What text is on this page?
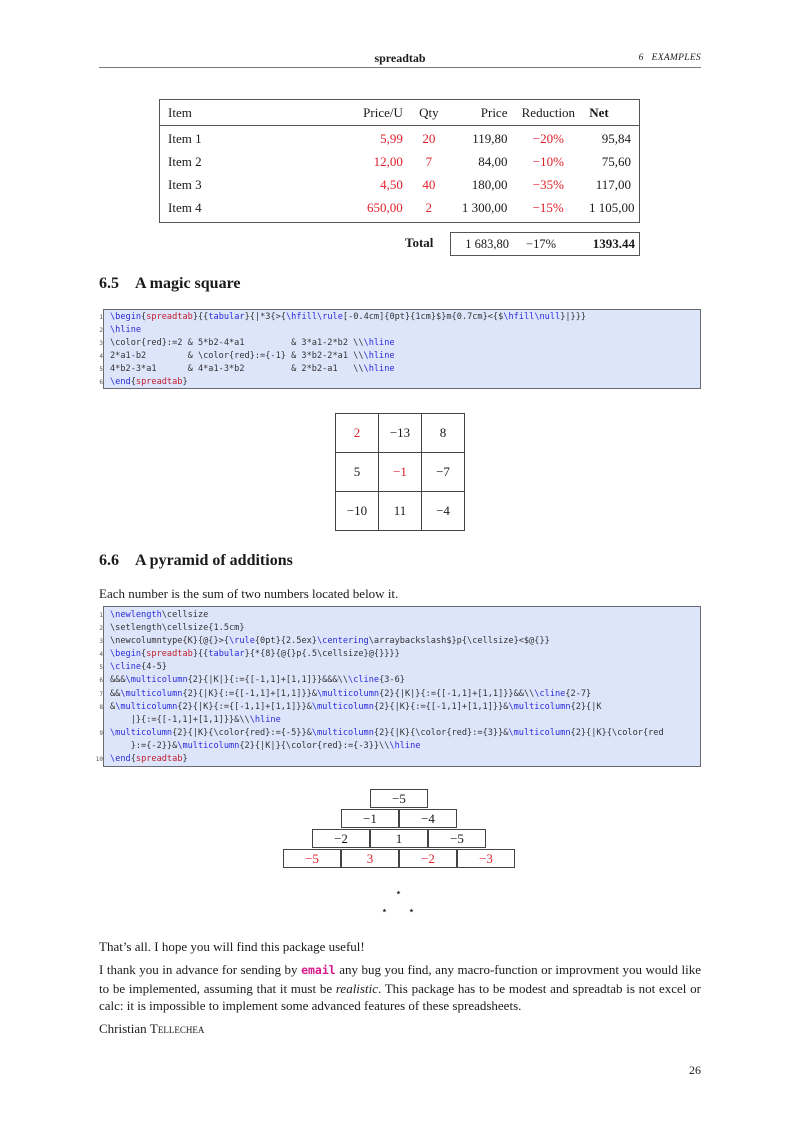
spreadtab	6 EXAMPLES
Item	Price/U	Qty	Price	Reduction	Net
Item 1	5,99	20	119,80	−20%	95,84
Item 2	12,00	7	84,00	−10%	75,60
Item 3	4,50	40	180,00	−35%	117,00
Item 4	650,00	2	1 300,00	−15%	1 105,00
Total	1 683,80	−17%	1393.44
6.5 A magic square
1 \begin{spreadtab}{{tabular}{|*3{>{\hfill\rule[-0.4cm]{0pt}{1cm}$}m{0.7cm}<{$\hfill\null}|}}}
2 \hline
3 \color{red}:=2 & 5*b2-4*a1         & 3*a1-2*b2 \\\hline
4 2*a1-b2        & \color{red}:={-1} & 3*b2-2*a1 \\\hline
5 4*b2-3*a1      & 4*a1-3*b2         & 2*b2-a1   \\\hline
6 \end{spreadtab}
2	−13	8
5	−1	−7
−10	11	−4
6.6 A pyramid of additions
Each number is the sum of two numbers located below it.
1 \newlength\cellsize
2 \setlength\cellsize{1.5cm}
3 \newcolumntype{K}{@{}>{\rule{0pt}{2.5ex}\centering\arraybackslash$}p{\cellsize}<$@{}}
4 \begin{spreadtab}{{tabular}{*{8}{@{}p{.5\cellsize}@{}}}}
5 \cline{4-5}
6 &&&\multicolumn{2}{|K|}{:={[-1,1]+[1,1]}}&&&\\\cline{3-6}
7 &&\multicolumn{2}{|K}{:={[-1,1]+[1,1]}}&\multicolumn{2}{|K|}{:={[-1,1]+[1,1]}}&&\\\cline{2-7}
8 &\multicolumn{2}{|K}{:={[-1,1]+[1,1]}}&\multicolumn{2}{|K}{:={[-1,1]+[1,1]}}&\multicolumn{2}{|K
|}{:={[-1,1]+[1,1]}}&\\\hline
9 \multicolumn{2}{|K}{\color{red}:={-5}}&\multicolumn{2}{|K}{\color{red}:={3}}&\multicolumn{2}{|K}{\color{red
}:={-2}}&\multicolumn{2}{|K|}{\color{red}:={-3}}\\\hline
10 \end{spreadtab}
−5
−1	−4
−2	1	−5
−5	3	−2	−3
⋆
⋆ ⋆
That’s all. I hope you will find this package useful!
I thank you in advance for sending by email any bug you find, any macro-function or improvment you would like to be implemented, assuming that it must be realistic. This package has to be modest and spreadtab is not excel or calc: it is impossible to implement some advanced features of these spreadsheets.
Christian Tellechea
26
